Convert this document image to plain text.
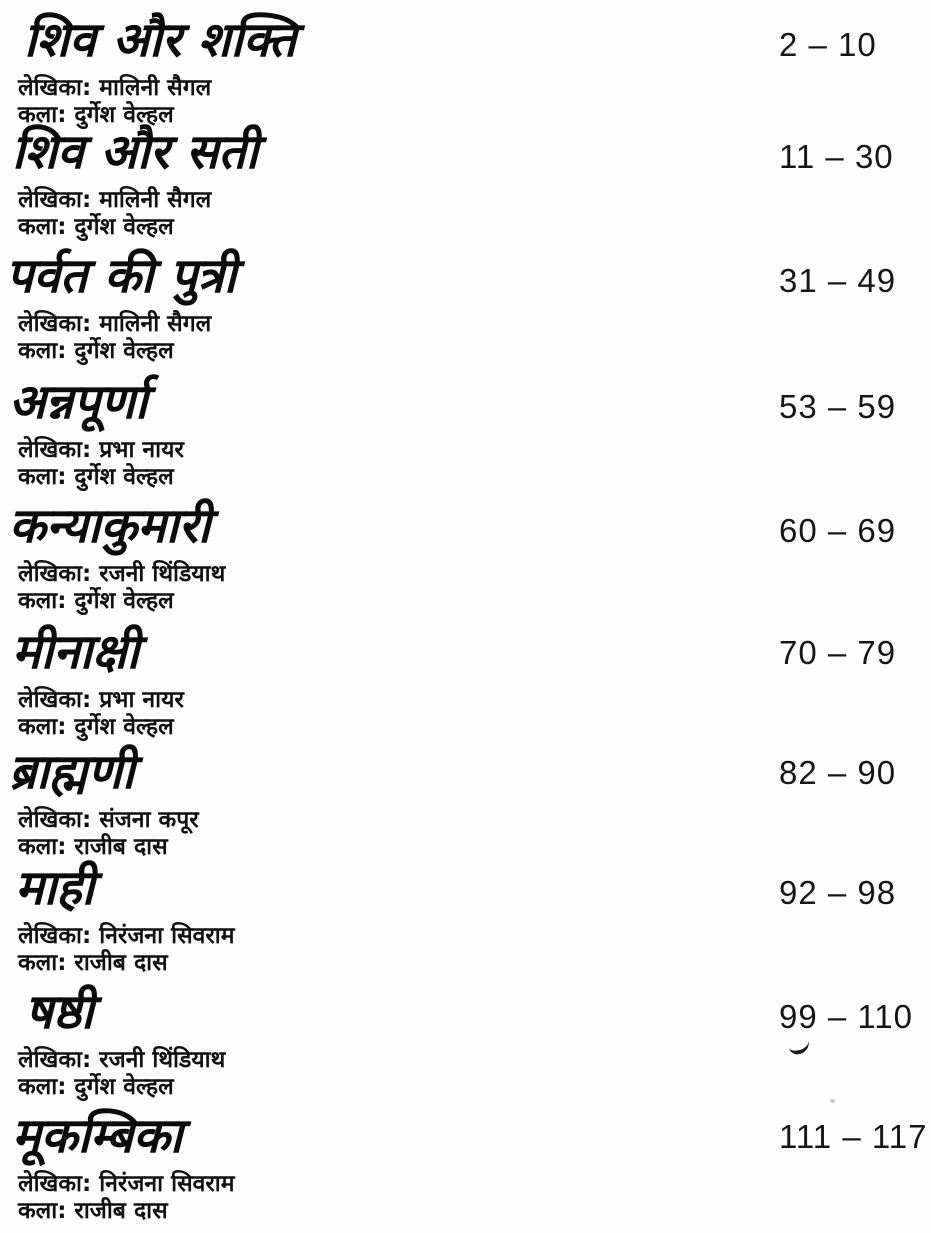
शिव और शक्ति
लेखिका: मालिनी सैगल
कला: दुर्गेश वेल्हल
2 – 10
शिव और सती
लेखिका: मालिनी सैगल
कला: दुर्गेश वेल्हल
11 – 30
पर्वत की पुत्री
लेखिका: मालिनी सैगल
कला: दुर्गेश वेल्हल
31 – 49
अन्नपूर्णा
लेखिका: प्रभा नायर
कला: दुर्गेश वेल्हल
53 – 59
कन्याकुमारी
लेखिका: रजनी थिंडियाथ
कला: दुर्गेश वेल्हल
60 – 69
मीनाक्षी
लेखिका: प्रभा नायर
कला: दुर्गेश वेल्हल
70 – 79
ब्राह्मणी
लेखिका: संजना कपूर
कला: राजीब दास
82 – 90
माही
लेखिका: निरंजना सिवराम
कला: राजीब दास
92 – 98
षष्ठी
लेखिका: रजनी थिंडियाथ
कला: दुर्गेश वेल्हल
99 – 110
मूकम्बिका
लेखिका: निरंजना सिवराम
कला: राजीब दास
111 – 117
